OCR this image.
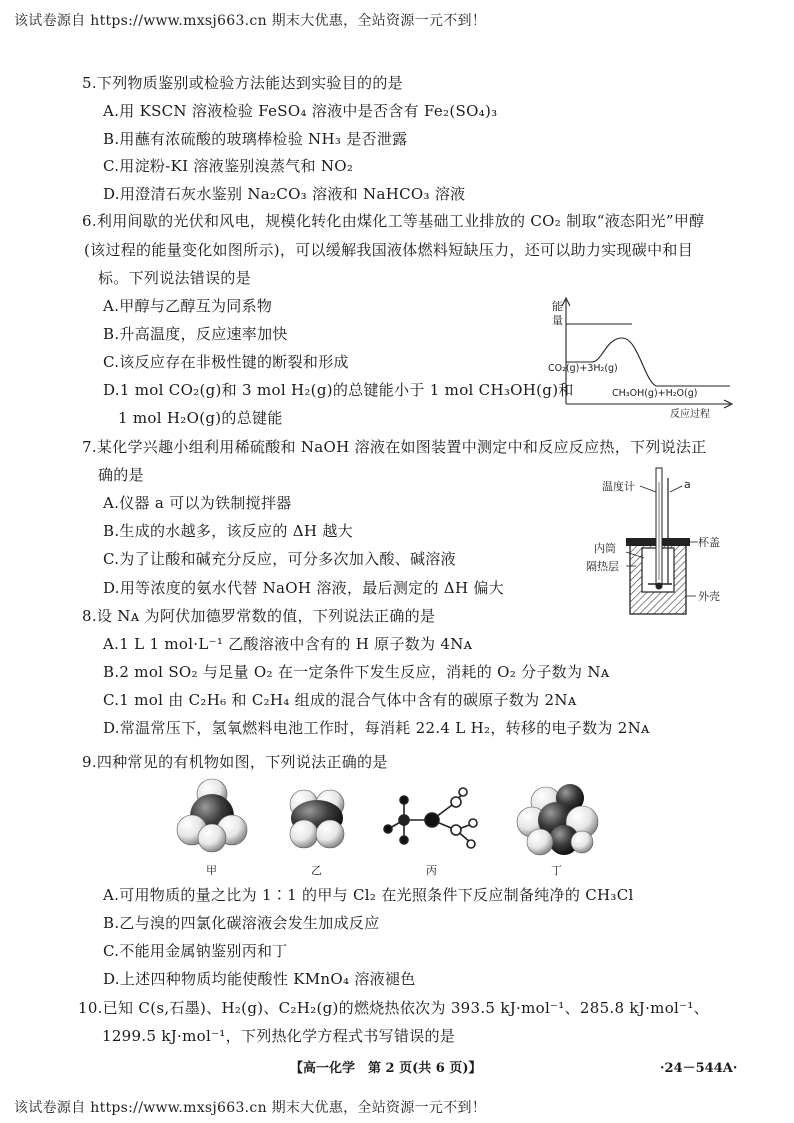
该试卷源自 https://www.mxsj663.cn 期末大优惠，全站资源一元不到！
5.下列物质鉴别或检验方法能达到实验目的的是
A.用 KSCN 溶液检验 FeSO₄ 溶液中是否含有 Fe₂(SO₄)₃
B.用蘸有浓硫酸的玻璃棒检验 NH₃ 是否泄露
C.用淀粉-KI 溶液鉴别溴蒸气和 NO₂
D.用澄清石灰水鉴别 Na₂CO₃ 溶液和 NaHCO₃ 溶液
6.利用间歇的光伏和风电，规模化转化由煤化工等基础工业排放的 CO₂ 制取“液态阳光”甲醇
(该过程的能量变化如图所示)，可以缓解我国液体燃料短缺压力，还可以助力实现碳中和目
标。下列说法错误的是
A.甲醇与乙醇互为同系物
B.升高温度，反应速率加快
C.该反应存在非极性键的断裂和形成
D.1 mol CO₂(g)和 3 mol H₂(g)的总键能小于 1 mol CH₃OH(g)和
1 mol H₂O(g)的总键能
能
量
CO₂(g)+3H₂(g)
CH₃OH(g)+H₂O(g)
反应过程
7.某化学兴趣小组利用稀硫酸和 NaOH 溶液在如图装置中测定中和反应反应热，下列说法正
确的是
A.仪器 a 可以为铁制搅拌器
B.生成的水越多，该反应的 ΔH 越大
C.为了让酸和碱充分反应，可分多次加入酸、碱溶液
D.用等浓度的氨水代替 NaOH 溶液，最后测定的 ΔH 偏大
温度计	a
杯盖
内筒
隔热层
外壳
8.设 Nᴀ 为阿伏加德罗常数的值，下列说法正确的是
A.1 L 1 mol·L⁻¹ 乙酸溶液中含有的 H 原子数为 4Nᴀ
B.2 mol SO₂ 与足量 O₂ 在一定条件下发生反应，消耗的 O₂ 分子数为 Nᴀ
C.1 mol 由 C₂H₆ 和 C₂H₄ 组成的混合气体中含有的碳原子数为 2Nᴀ
D.常温常压下，氢氧燃料电池工作时，每消耗 22.4 L H₂，转移的电子数为 2Nᴀ
9.四种常见的有机物如图，下列说法正确的是
甲	乙	丙	丁
A.可用物质的量之比为 1∶1 的甲与 Cl₂ 在光照条件下反应制备纯净的 CH₃Cl
B.乙与溴的四氯化碳溶液会发生加成反应
C.不能用金属钠鉴别丙和丁
D.上述四种物质均能使酸性 KMnO₄ 溶液褪色
10.已知 C(s,石墨)、H₂(g)、C₂H₂(g)的燃烧热依次为 393.5 kJ·mol⁻¹、285.8 kJ·mol⁻¹、
1299.5 kJ·mol⁻¹，下列热化学方程式书写错误的是
【高一化学　第 2 页(共 6 页)】	·24－544A·
该试卷源自 https://www.mxsj663.cn 期末大优惠，全站资源一元不到！
